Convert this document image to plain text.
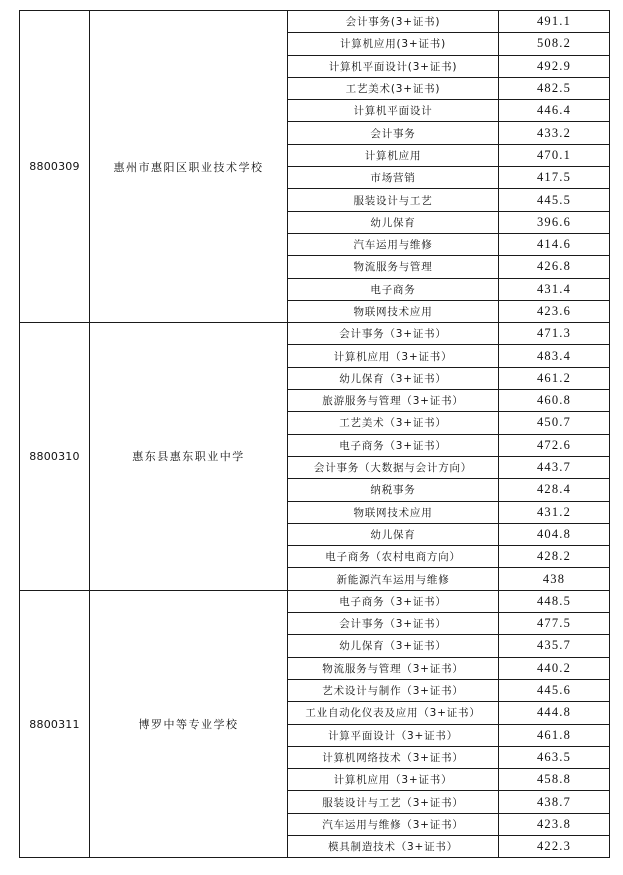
8800309	惠州市惠阳区职业技术学校	会计事务(3+证书)	491.1
		计算机应用(3+证书)	508.2
		计算机平面设计(3+证书)	492.9
		工艺美术(3+证书)	482.5
		计算机平面设计	446.4
		会计事务	433.2
		计算机应用	470.1
		市场营销	417.5
		服装设计与工艺	445.5
		幼儿保育	396.6
		汽车运用与维修	414.6
		物流服务与管理	426.8
		电子商务	431.4
		物联网技术应用	423.6
8800310	惠东县惠东职业中学	会计事务（3+证书）	471.3
		计算机应用（3+证书）	483.4
		幼儿保育（3+证书）	461.2
		旅游服务与管理（3+证书）	460.8
		工艺美术（3+证书）	450.7
		电子商务（3+证书）	472.6
		会计事务（大数据与会计方向）	443.7
		纳税事务	428.4
		物联网技术应用	431.2
		幼儿保育	404.8
		电子商务（农村电商方向）	428.2
		新能源汽车运用与维修	438
8800311	博罗中等专业学校	电子商务（3+证书）	448.5
		会计事务（3+证书）	477.5
		幼儿保育（3+证书）	435.7
		物流服务与管理（3+证书）	440.2
		艺术设计与制作（3+证书）	445.6
		工业自动化仪表及应用（3+证书）	444.8
		计算平面设计（3+证书）	461.8
		计算机网络技术（3+证书）	463.5
		计算机应用（3+证书）	458.8
		服装设计与工艺（3+证书）	438.7
		汽车运用与维修（3+证书）	423.8
		模具制造技术（3+证书）	422.3
